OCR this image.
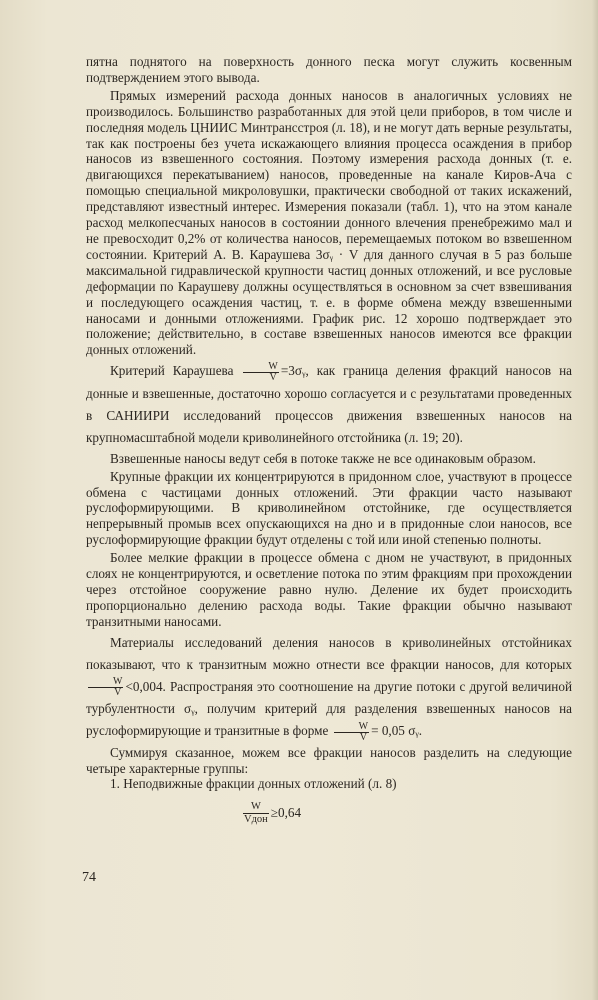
пятна поднятого на поверхность донного песка могут служить косвенным подтверждением этого вывода.

Прямых измерений расхода донных наносов в аналогичных условиях не производилось. Большинство разработанных для этой цели приборов, в том числе и последняя модель ЦНИИС Минтрансстроя (л. 18), и не могут дать верные результаты, так как построены без учета искажающего влияния процесса осаждения в прибор наносов из взвешенного состояния. Поэтому измерения расхода донных (т. е. двигающихся перекатыванием) наносов, проведенные на канале Киров-Ача с помощью специальной микроловушки, практически свободной от таких искажений, представляют известный интерес. Измерения показали (табл. 1), что на этом канале расход мелкопесчаных наносов в состоянии донного влечения пренебрежимо мал и не превосходит 0,2% от количества наносов, перемещаемых потоком во взвешенном состоянии. Критерий А. В. Караушева 3σᵧ · V для данного случая в 5 раз больше максимальной гидравлической крупности частиц донных отложений, и все русловые деформации по Караушеву должны осуществляться в основном за счет взвешивания и последующего осаждения частиц, т. е. в форме обмена между взвешенными наносами и донными отложениями. График рис. 12 хорошо подтверждает это положение; действительно, в составе взвешенных наносов имеются все фракции донных отложений.

Критерий Караушева $\frac{W}{V}$ =3σᵧ, как граница деления фракций наносов на донные и взвешенные, достаточно хорошо согласуется и с результатами проведенных в САНИИРИ исследований процессов движения взвешенных наносов на крупномасштабной модели криволинейного отстойника (л. 19; 20).

Взвешенные наносы ведут себя в потоке также не все одинаковым образом.

Крупные фракции их концентрируются в придонном слое, участвуют в процессе обмена с частицами донных отложений. Эти фракции часто называют руслоформирующими. В криволинейном отстойнике, где осуществляется непрерывный промыв всех опускающихся на дно и в придонные слои наносов, все руслоформирующие фракции будут отделены с той или иной степенью полноты.

Более мелкие фракции в процессе обмена с дном не участвуют, в придонных слоях не концентрируются, и осветление потока по этим фракциям при прохождении через отстойное сооружение равно нулю. Деление их будет происходить пропорционально делению расхода воды. Такие фракции обычно называют транзитными наносами.

Материалы исследований деления наносов в криволинейных отстойниках показывают, что к транзитным можно отнести все фракции наносов, для которых
$\frac{W}{V} <0,004$. Распространяя это соотношение на другие потоки с другой величиной турбулентности σᵧ, получим критерий для разделения взвешенных наносов на руслоформирующие и транзитные в форме $\frac{W}{V} = 0,05$ σᵧ.

Суммируя сказанное, можем все фракции наносов разделить на следующие четыре характерные группы:

1. Неподвижные фракции донных отложений (л. 8)

$\frac{W}{\text{Vдон}} \ge 0,64$
74
